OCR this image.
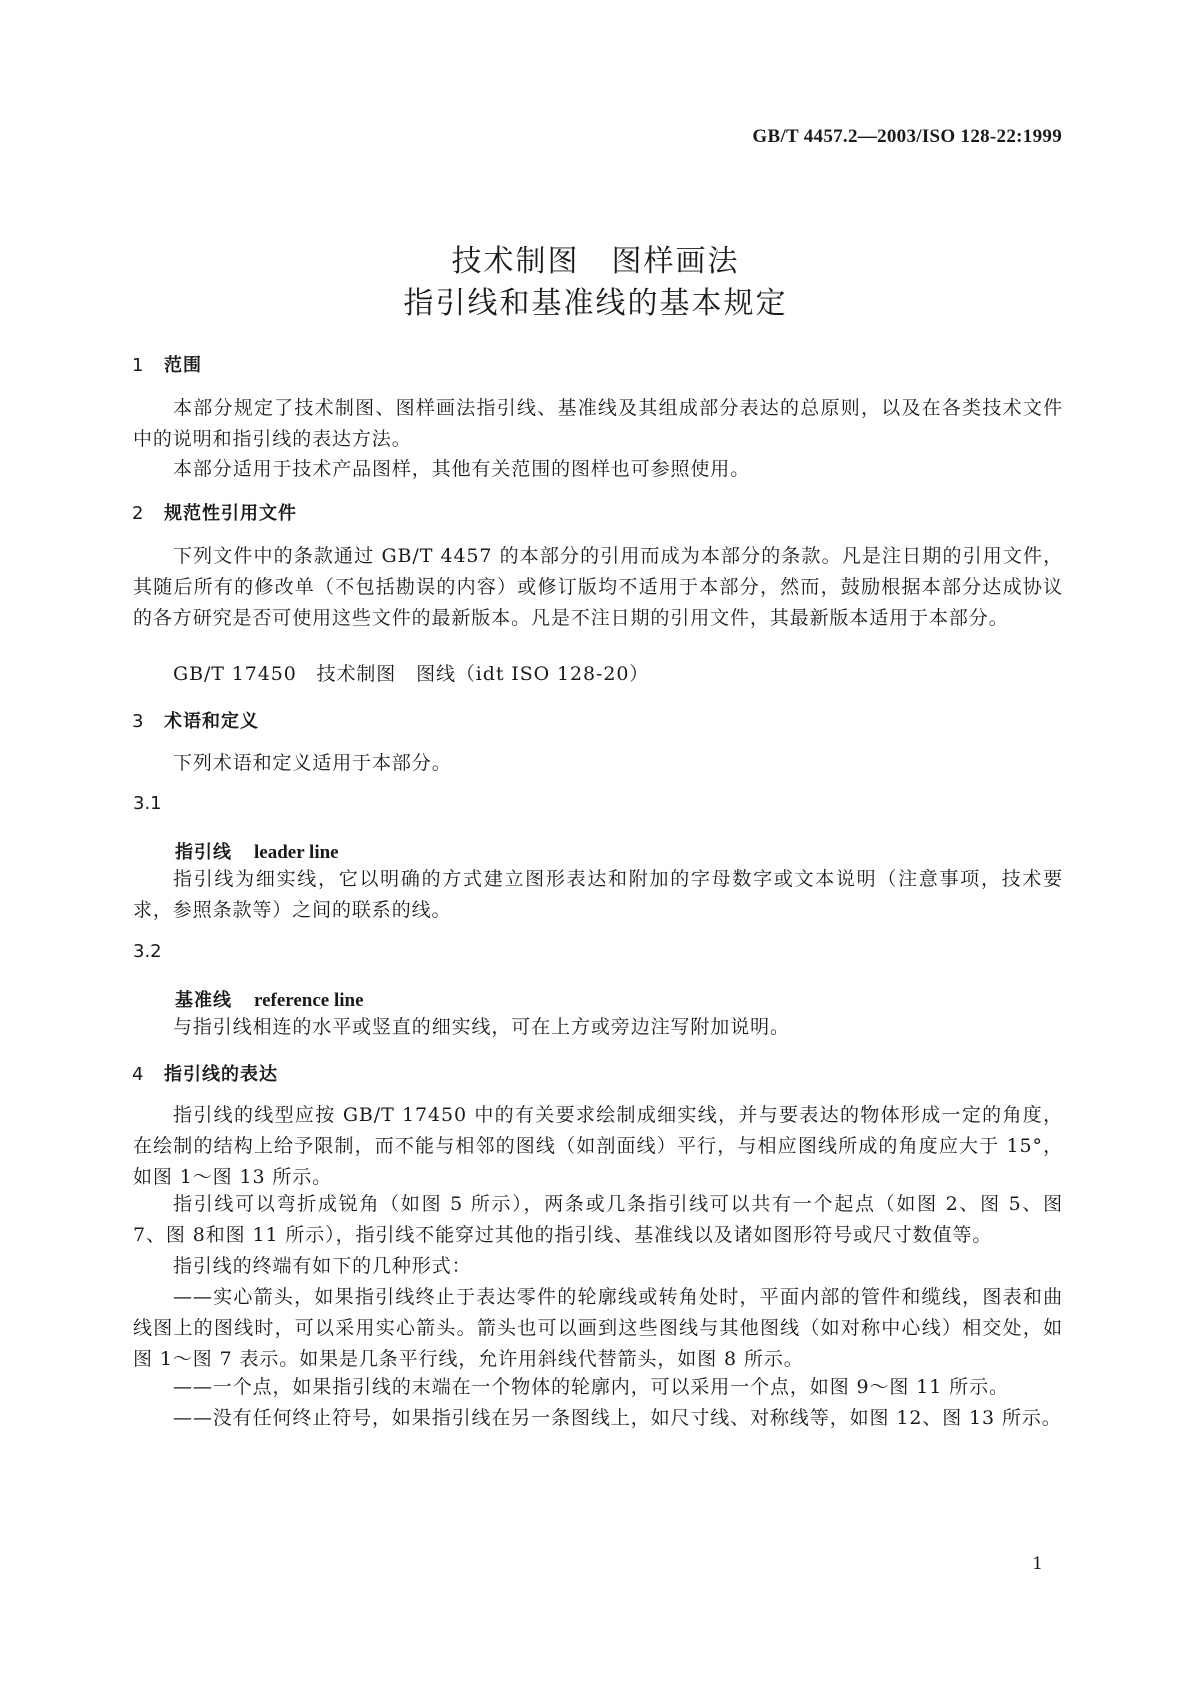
GB/T 4457.2—2003/ISO 128-22:1999
技术制图　图样画法
指引线和基准线的基本规定
1 范围
本部分规定了技术制图、图样画法指引线、基准线及其组成部分表达的总原则，以及在各类技术文件中的说明和指引线的表达方法。
本部分适用于技术产品图样，其他有关范围的图样也可参照使用。
2 规范性引用文件
下列文件中的条款通过 GB/T 4457 的本部分的引用而成为本部分的条款。凡是注日期的引用文件，其随后所有的修改单（不包括勘误的内容）或修订版均不适用于本部分，然而，鼓励根据本部分达成协议的各方研究是否可使用这些文件的最新版本。凡是不注日期的引用文件，其最新版本适用于本部分。
GB/T 17450　技术制图　图线（idt ISO 128-20）
3 术语和定义
下列术语和定义适用于本部分。
3.1
指引线 leader line
指引线为细实线，它以明确的方式建立图形表达和附加的字母数字或文本说明（注意事项，技术要求，参照条款等）之间的联系的线。
3.2
基准线 reference line
与指引线相连的水平或竖直的细实线，可在上方或旁边注写附加说明。
4 指引线的表达
指引线的线型应按 GB/T 17450 中的有关要求绘制成细实线，并与要表达的物体形成一定的角度，在绘制的结构上给予限制，而不能与相邻的图线（如剖面线）平行，与相应图线所成的角度应大于 15°，如图 1～图 13 所示。
指引线可以弯折成锐角（如图 5 所示），两条或几条指引线可以共有一个起点（如图 2、图 5、图 7、图 8和图 11 所示），指引线不能穿过其他的指引线、基准线以及诸如图形符号或尺寸数值等。
指引线的终端有如下的几种形式：
——实心箭头，如果指引线终止于表达零件的轮廓线或转角处时，平面内部的管件和缆线，图表和曲线图上的图线时，可以采用实心箭头。箭头也可以画到这些图线与其他图线（如对称中心线）相交处，如图 1～图 7 表示。如果是几条平行线，允许用斜线代替箭头，如图 8 所示。
——一个点，如果指引线的末端在一个物体的轮廓内，可以采用一个点，如图 9～图 11 所示。
——没有任何终止符号，如果指引线在另一条图线上，如尺寸线、对称线等，如图 12、图 13 所示。
1
